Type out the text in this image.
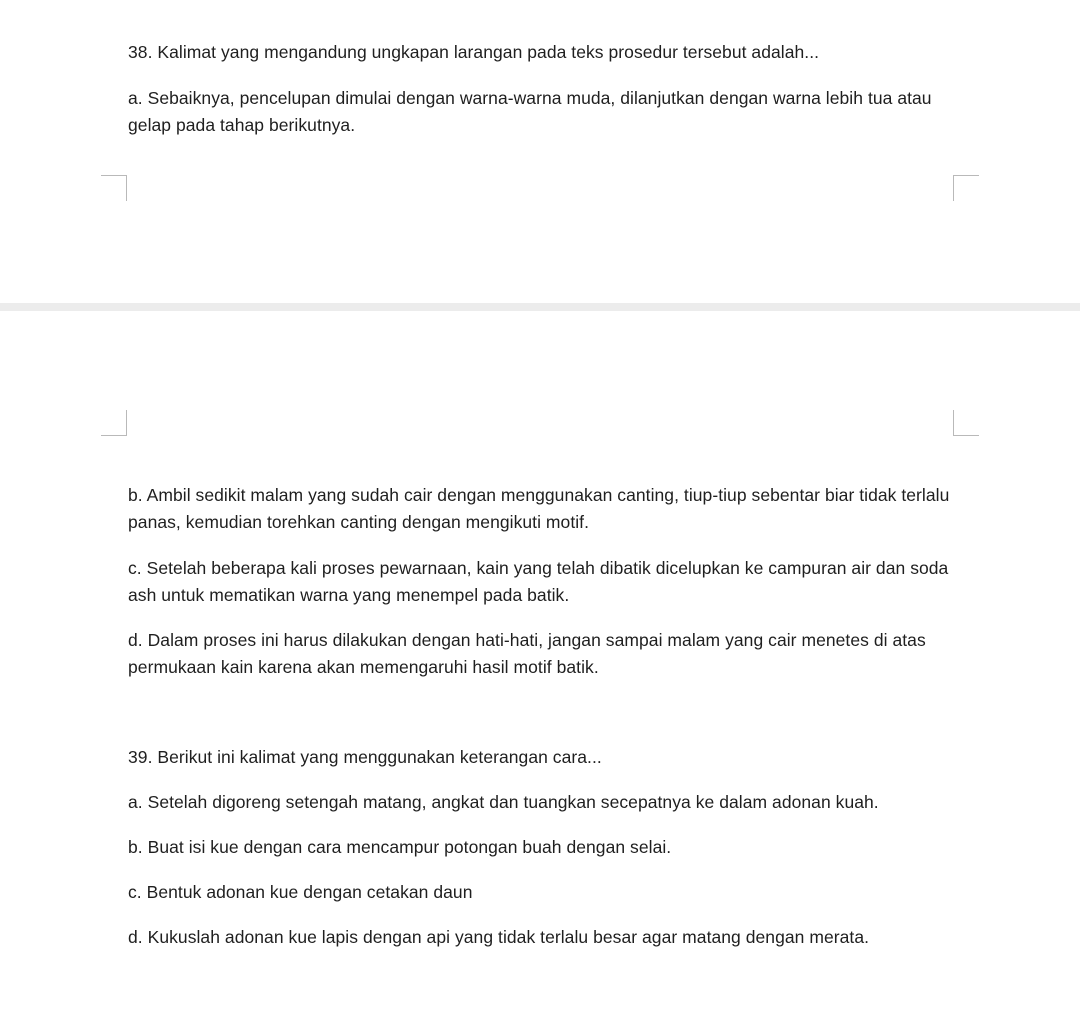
38. Kalimat yang mengandung ungkapan larangan pada teks prosedur tersebut adalah...

a. Sebaiknya, pencelupan dimulai dengan warna-warna muda, dilanjutkan dengan warna lebih tua atau gelap pada tahap berikutnya.

b. Ambil sedikit malam yang sudah cair dengan menggunakan canting, tiup-tiup sebentar biar tidak terlalu panas, kemudian torehkan canting dengan mengikuti motif.

c. Setelah beberapa kali proses pewarnaan, kain yang telah dibatik dicelupkan ke campuran air dan soda ash untuk mematikan warna yang menempel pada batik.

d. Dalam proses ini harus dilakukan dengan hati-hati, jangan sampai malam yang cair menetes di atas permukaan kain karena akan memengaruhi hasil motif batik.

39. Berikut ini kalimat yang menggunakan keterangan cara...

a. Setelah digoreng setengah matang, angkat dan tuangkan secepatnya ke dalam adonan kuah.

b. Buat isi kue dengan cara mencampur potongan buah dengan selai.

c. Bentuk adonan kue dengan cetakan daun

d. Kukuslah adonan kue lapis dengan api yang tidak terlalu besar agar matang dengan merata.
